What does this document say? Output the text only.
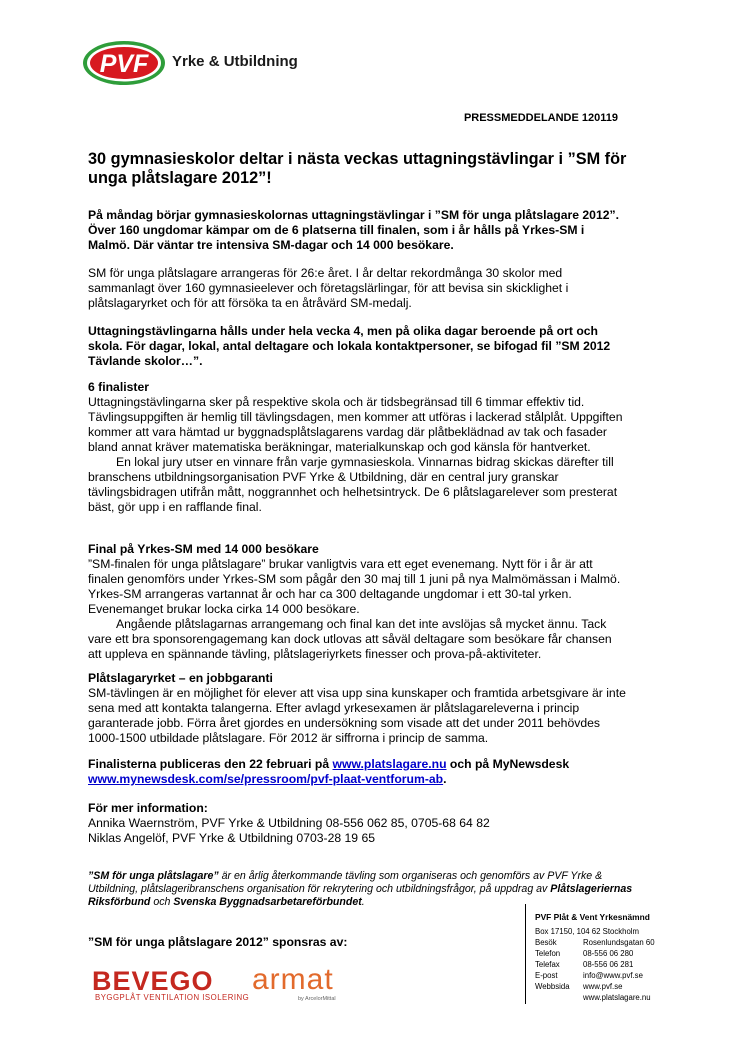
PVF Yrke & Utbildning
PRESSMEDDELANDE 120119
30 gymnasieskolor deltar i nästa veckas uttagningstävlingar i ”SM för unga plåtslagare 2012”!

På måndag börjar gymnasieskolornas uttagningstävlingar i ”SM för unga plåtslagare 2012”. Över 160 ungdomar kämpar om de 6 platserna till finalen, som i år hålls på Yrkes-SM i Malmö. Där väntar tre intensiva SM-dagar och 14 000 besökare.

SM för unga plåtslagare arrangeras för 26:e året. I år deltar rekordmånga 30 skolor med sammanlagt över 160 gymnasieelever och företagslärlingar, för att bevisa sin skicklighet i plåtslagaryrket och för att försöka ta en åtråvärd SM-medalj.

Uttagningstävlingarna hålls under hela vecka 4, men på olika dagar beroende på ort och skola. För dagar, lokal, antal deltagare och lokala kontaktpersoner, se bifogad fil ”SM 2012 Tävlande skolor…”.

6 finalister

Uttagningstävlingarna sker på respektive skola och är tidsbegränsad till 6 timmar effektiv tid. Tävlingsuppgiften är hemlig till tävlingsdagen, men kommer att utföras i lackerad stålplåt. Uppgiften kommer att vara hämtad ur byggnadsplåtslagarens vardag där plåtbeklädnad av tak och fasader bland annat kräver matematiska beräkningar, materialkunskap och god känsla för hantverket.

En lokal jury utser en vinnare från varje gymnasieskola. Vinnarnas bidrag skickas därefter till branschens utbildningsorganisation PVF Yrke & Utbildning, där en central jury granskar tävlingsbidragen utifrån mått, noggrannhet och helhetsintryck. De 6 plåtslagarelever som presterat bäst, gör upp i en rafflande final.

Final på Yrkes-SM med 14 000 besökare

”SM-finalen för unga plåtslagare” brukar vanligtvis vara ett eget evenemang. Nytt för i år är att finalen genomförs under Yrkes-SM som pågår den 30 maj till 1 juni på nya Malmömässan i Malmö. Yrkes-SM arrangeras vartannat år och har ca 300 deltagande ungdomar i ett 30-tal yrken. Evenemanget brukar locka cirka 14 000 besökare.

Angående plåtslagarnas arrangemang och final kan det inte avslöjas så mycket ännu. Tack vare ett bra sponsorengagemang kan dock utlovas att såväl deltagare som besökare får chansen att uppleva en spännande tävling, plåtslageriyrkets finesser och prova-på-aktiviteter.

Plåtslagaryrket – en jobbgaranti

SM-tävlingen är en möjlighet för elever att visa upp sina kunskaper och framtida arbetsgivare är inte sena med att kontakta talangerna. Efter avlagd yrkesexamen är plåtslagareleverna i princip garanterade jobb. Förra året gjordes en undersökning som visade att det under 2011 behövdes 1000-1500 utbildade plåtslagare. För 2012 är siffrorna i princip de samma.

Finalisterna publiceras den 22 februari på www.platslagare.nu och på MyNewsdesk
www.mynewsdesk.com/se/pressroom/pvf-plaat-ventforum-ab.

För mer information:

Annika Waernström, PVF Yrke & Utbildning 08-556 062 85, 0705-68 64 82

Niklas Angelöf, PVF Yrke & Utbildning 0703-28 19 65

”SM för unga plåtslagare” är en årlig återkommande tävling som organiseras och genomförs av PVF Yrke & Utbildning, plåtslageribranschens organisation för rekrytering och utbildningsfrågor, på uppdrag av Plåtslageriernas Riksförbund och Svenska Byggnadsarbetareförbundet.

”SM för unga plåtslagare 2012” sponsras av:
BEVEGO
BYGGPLÅT VENTILATION ISOLERING
armat
by ArcelorMittal
PVF Plåt & Vent Yrkesnämnd
Box 17150, 104 62 Stockholm
Besök	Rosenlundsgatan 60
Telefon	08-556 06 280
Telefax	08-556 06 281
E-post	info@www.pvf.se
Webbsida www.pvf.se
www.platslagare.nu
